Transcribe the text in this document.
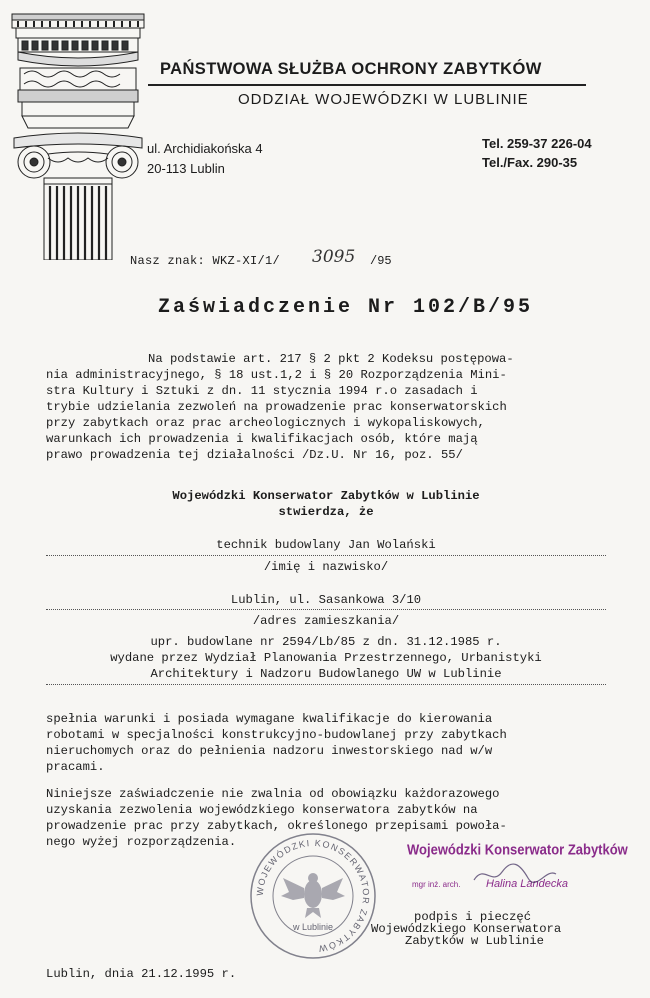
PAŃSTWOWA SŁUŻBA OCHRONY ZABYTKÓW
ODDZIAŁ WOJEWÓDZKI W LUBLINIE
ul. Archidiakońska 4
20-113 Lublin
Tel. 259-37 226-04
Tel./Fax. 290-35
Nasz znak: WKZ-XI/1/ 3095 /95
Zaświadczenie Nr 102/B/95
Na podstawie art. 217 § 2 pkt 2 Kodeksu postępowa-
nia administracyjnego, § 18 ust.1,2 i § 20 Rozporządzenia Mini-
stra Kultury i Sztuki z dn. 11 stycznia 1994 r.o zasadach i
trybie udzielania zezwoleń na prowadzenie prac konserwatorskich
przy zabytkach oraz prac archeologicznych i wykopaliskowych,
warunkach ich prowadzenia i kwalifikacjach osób, które mają
prawo prowadzenia tej działalności /Dz.U. Nr 16, poz. 55/
Wojewódzki Konserwator Zabytków w Lublinie
stwierdza, że
technik budowlany Jan Wolański
/imię i nazwisko/
Lublin, ul. Sasankowa 3/10
/adres zamieszkania/
upr. budowlane nr 2594/Lb/85 z dn. 31.12.1985 r.
wydane przez Wydział Planowania Przestrzennego, Urbanistyki
Architektury i Nadzoru Budowlanego UW w Lublinie
spełnia warunki i posiada wymagane kwalifikacje do kierowania
robotami w specjalności konstrukcyjno-budowlanej przy zabytkach
nieruchomych oraz do pełnienia nadzoru inwestorskiego nad w/w
pracami.
Niniejsze zaświadczenie nie zwalnia od obowiązku każdorazowego
uzyskania zezwolenia wojewódzkiego konserwatora zabytków na
prowadzenie prac przy zabytkach, określonego przepisami powoła-
nego wyżej rozporządzenia.
WOJEWÓDZKI KONSERWATOR ZABYTKÓW
w Lublinie
Wojewódzki Konserwator Zabytków
mgr inż. arch. Halina Landecka
podpis i pieczęć
Wojewódzkiego Konserwatora
Zabytków w Lublinie
Lublin, dnia 21.12.1995 r.
